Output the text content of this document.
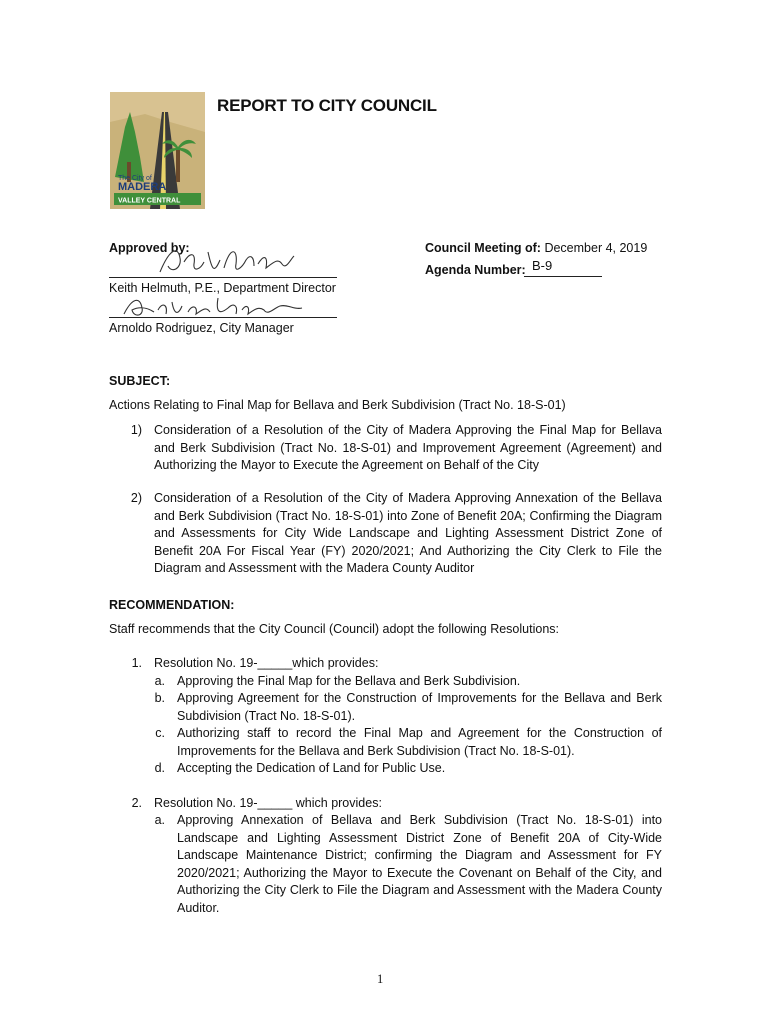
The City of
MADERA
VALLEY CENTRAL
REPORT TO CITY COUNCIL
Approved by:
Keith Helmuth, P.E., Department Director
Arnoldo Rodriguez, City Manager
Council Meeting of: December 4, 2019
Agenda Number: B-9
SUBJECT:
Actions Relating to Final Map for Bellava and Berk Subdivision (Tract No. 18-S-01)
1) Consideration of a Resolution of the City of Madera Approving the Final Map for Bellava and Berk Subdivision (Tract No. 18-S-01) and Improvement Agreement (Agreement) and Authorizing the Mayor to Execute the Agreement on Behalf of the City
2) Consideration of a Resolution of the City of Madera Approving Annexation of the Bellava and Berk Subdivision (Tract No. 18-S-01) into Zone of Benefit 20A; Confirming the Diagram and Assessments for City Wide Landscape and Lighting Assessment District Zone of Benefit 20A For Fiscal Year (FY) 2020/2021; And Authorizing the City Clerk to File the Diagram and Assessment with the Madera County Auditor
RECOMMENDATION:
Staff recommends that the City Council (Council) adopt the following Resolutions:
1. Resolution No. 19-_____which provides:
a. Approving the Final Map for the Bellava and Berk Subdivision.
b. Approving Agreement for the Construction of Improvements for the Bellava and Berk Subdivision (Tract No. 18-S-01).
c. Authorizing staff to record the Final Map and Agreement for the Construction of Improvements for the Bellava and Berk Subdivision (Tract No. 18-S-01).
d. Accepting the Dedication of Land for Public Use.
2. Resolution No. 19-_____ which provides:
a. Approving Annexation of Bellava and Berk Subdivision (Tract No. 18-S-01) into Landscape and Lighting Assessment District Zone of Benefit 20A of City-Wide Landscape Maintenance District; confirming the Diagram and Assessment for FY 2020/2021; Authorizing the Mayor to Execute the Covenant on Behalf of the City, and Authorizing the City Clerk to File the Diagram and Assessment with the Madera County Auditor.
1
